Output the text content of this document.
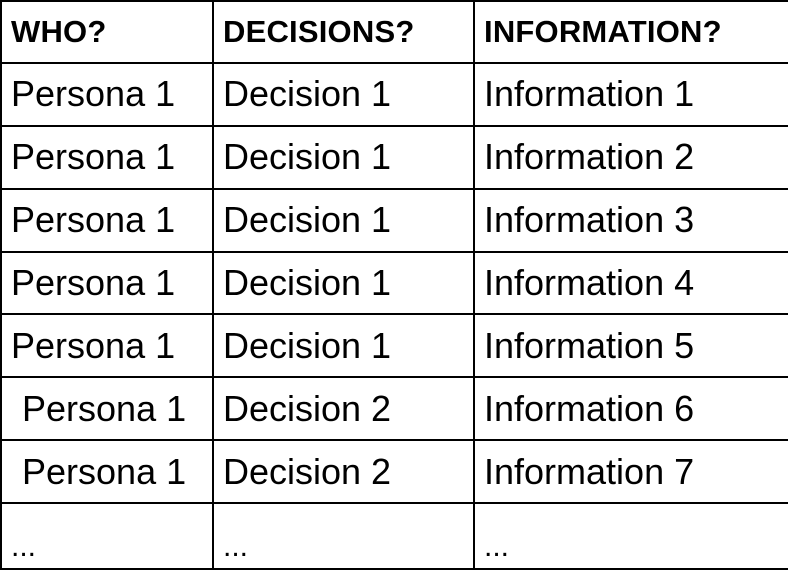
WHO?	DECISIONS?	INFORMATION?
Persona 1	Decision 1	Information 1
Persona 1	Decision 1	Information 2
Persona 1	Decision 1	Information 3
Persona 1	Decision 1	Information 4
Persona 1	Decision 1	Information 5
Persona 1	Decision 2	Information 6
Persona 1	Decision 2	Information 7
...	...	...
